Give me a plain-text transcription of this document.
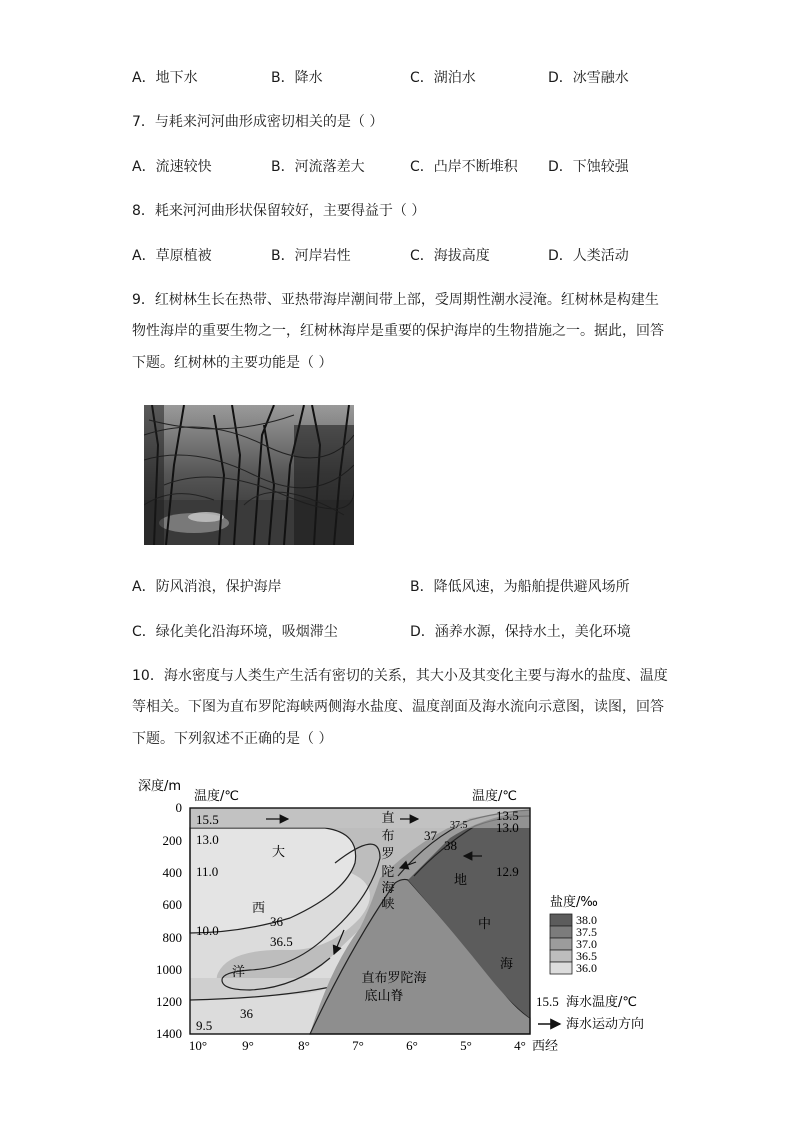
A．地下水	B．降水	C．湖泊水	D．冰雪融水
7．与耗来河河曲形成密切相关的是（ ）
A．流速较快	B．河流落差大	C．凸岸不断堆积 D．下蚀较强
8．耗来河河曲形状保留较好，主要得益于（ ）
A．草原植被	B．河岸岩性	C．海拔高度	D．人类活动
9．红树林生长在热带、亚热带海岸潮间带上部，受周期性潮水浸淹。红树林是构建生
物性海岸的重要生物之一，红树林海岸是重要的保护海岸的生物措施之一。据此，回答
下题。红树林的主要功能是（ ）
A．防风消浪，保护海岸	B．降低风速，为船舶提供避风场所
C．绿化美化沿海环境，吸烟滞尘	D．涵养水源，保持水土，美化环境
10．海水密度与人类生产生活有密切的关系，其大小及其变化主要与海水的盐度、温度
等相关。下图为直布罗陀海峡两侧海水盐度、温度剖面及海水流向示意图，读图，回答
下题。下列叙述不正确的是（ ）
深度/m
0
200
400
600
800
1000
1200
1400
10°	9°	8°	7°	6°	5°	4° 西经
温度/℃	温度/℃
15.5
13.0
11.0
10.0
9.5
13.5
13.0
12.9
36
36.5
36
37
37.5
38
大
西
洋
地
中
海
直
布
罗
陀
海
峡
直布罗陀海
底山脊
盐度/‰
38.0
37.5
37.0
36.5
36.0
15.5 海水温度/℃
海水运动方向
